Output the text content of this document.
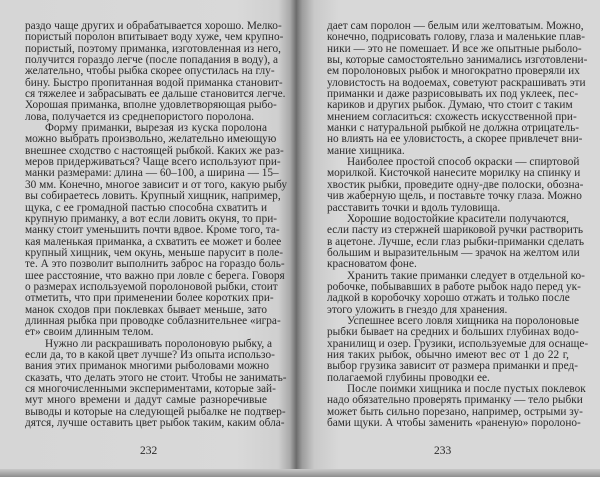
раздо чаще других и обрабатывается хорошо. Мелко-
пористый поролон впитывает воду хуже, чем крупно-
пористый, поэтому приманка, изготовленная из него,
получится гораздо легче (после попадания в воду), а
желательно, чтобы рыбка скорее опустилась на глу-
бину. Быстро пропитанная водой приманка становит-
ся тяжелее и забрасывать ее дальше становится легче.
Хорошая приманка, вполне удовлетворяющая рыбо-
лова, получается из среднепористого поролона.
Форму приманки, вырезая из куска поролона
можно выбрать произвольно, желательно имеющую
внешнее сходство с настоящей рыбкой. Каких же раз-
меров придерживаться? Чаще всего используют при-
манки размерами: длина — 60–100, а ширина — 15–
30 мм. Конечно, многое зависит и от того, какую рыбу
вы собираетесь ловить. Крупный хищник, например,
щука, с ее громадной пастью способна схватить и
крупную приманку, а вот если ловить окуня, то при-
манку стоит уменьшить почти вдвое. Кроме того, та-
кая маленькая приманка, а схватить ее может и более
крупный хищник, чем окунь, меньше парусит в поле-
те. А это позволит выполнить заброс на гораздо боль-
шее расстояние, что важно при ловле с берега. Говоря
о размерах используемой поролоновой рыбки, стоит
отметить, что при применении более коротких при-
манок сходов при поклевках бывает меньше, зато
длинная рыбка при проводке соблазнительнее «игра-
ет» своим длинным телом.
Нужно ли раскрашивать поролоновую рыбку, а
если да, то в какой цвет лучше? Из опыта использо-
вания этих приманок многими рыболовами можно
сказать, что делать этого не стоит. Чтобы не занимать-
ся многочисленными экспериментами, которые зай-
мут много времени и дадут самые разноречивые
выводы и которые на следующей рыбалке не подтвер-
дятся, лучше оставить цвет рыбок таким, каким обла-
232
дает сам поролон — белым или желтоватым. Можно,
конечно, подрисовать голову, глаза и маленькие плав-
ники — это не помешает. И все же опытные рыболо-
вы, которые самостоятельно занимались изготовлени-
ем поролоновых рыбок и многократно проверяли их
уловистость на водоемах, советуют раскрашивать эти
приманки и даже разрисовывать их под уклеек, пес-
кариков и других рыбок. Думаю, что стоит с таким
мнением согласиться: схожесть искусственной при-
манки с натуральной рыбкой не должна отрицатель-
но влиять на ее уловистость, а скорее привлечет вни-
мание хищника.
Наиболее простой способ окраски — спиртовой
морилкой. Кисточкой нанесите морилку на спинку и
хвостик рыбки, проведите одну-две полоски, обозна-
чив жаберную щель, и поставьте точку глаза. Можно
расставить точки и вдоль туловища.
Хорошие водостойкие красители получаются,
если пасту из стержней шариковой ручки растворить
в ацетоне. Лучше, если глаз рыбки-приманки сделать
большим и выразительным — зрачок на желтом или
красноватом фоне.
Хранить такие приманки следует в отдельной ко-
робочке, побывавших в работе рыбок надо перед ук-
ладкой в коробочку хорошо отжать и только после
этого уложить в гнездо для хранения.
Успешнее всего ловля хищника на поролоновые
рыбки бывает на средних и больших глубинах водо-
хранилищ и озер. Грузики, используемые для оснаще-
ния таких рыбок, обычно имеют вес от 1 до 22 г,
выбор грузика зависит от размера приманки и пред-
полагаемой глубины проводки ее.
После поимки хищника и после пустых поклевок
надо обязательно проверять приманку — тело рыбки
может быть сильно порезано, например, острыми зу-
бами щуки. А чтобы заменить «раненую» поролоно-
233
